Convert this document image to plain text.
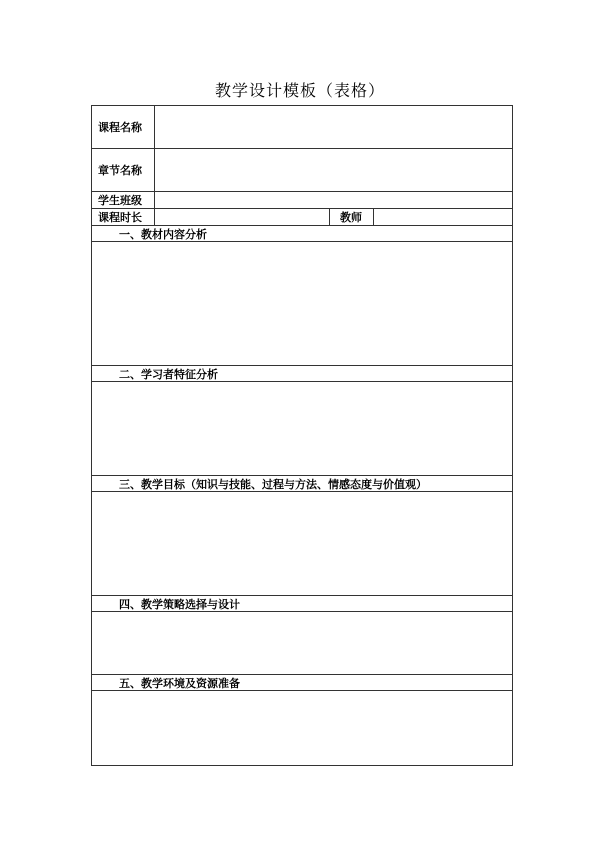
教学设计模板（表格）
课程名称
章节名称
学生班级
课程时长	教师
一、教材内容分析
二、学习者特征分析
三、教学目标（知识与技能、过程与方法、情感态度与价值观）
四、教学策略选择与设计
五、教学环境及资源准备
